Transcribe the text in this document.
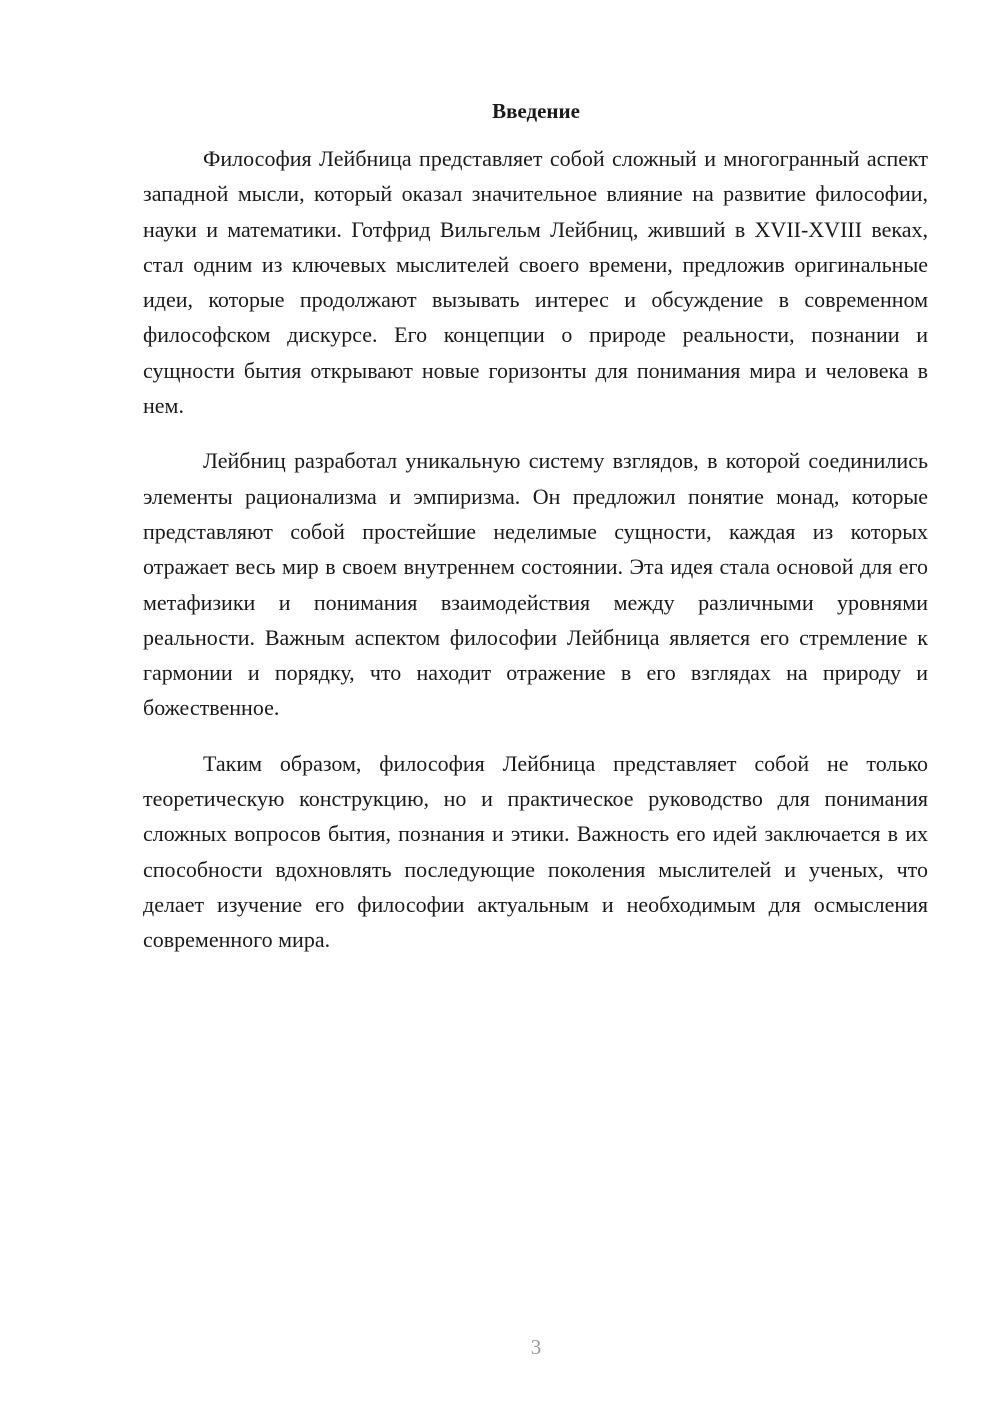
Введение

Философия Лейбница представляет собой сложный и многогранный аспект западной мысли, который оказал значительное влияние на развитие философии, науки и математики. Готфрид Вильгельм Лейбниц, живший в XVII-XVIII веках, стал одним из ключевых мыслителей своего времени, предложив оригинальные идеи, которые продолжают вызывать интерес и обсуждение в современном философском дискурсе. Его концепции о природе реальности, познании и сущности бытия открывают новые горизонты для понимания мира и человека в нем.

Лейбниц разработал уникальную систему взглядов, в которой соединились элементы рационализма и эмпиризма. Он предложил понятие монад, которые представляют собой простейшие неделимые сущности, каждая из которых отражает весь мир в своем внутреннем состоянии. Эта идея стала основой для его метафизики и понимания взаимодействия между различными уровнями реальности. Важным аспектом философии Лейбница является его стремление к гармонии и порядку, что находит отражение в его взглядах на природу и божественное.

Таким образом, философия Лейбница представляет собой не только теоретическую конструкцию, но и практическое руководство для понимания сложных вопросов бытия, познания и этики. Важность его идей заключается в их способности вдохновлять последующие поколения мыслителей и ученых, что делает изучение его философии актуальным и необходимым для осмысления современного мира.

3
